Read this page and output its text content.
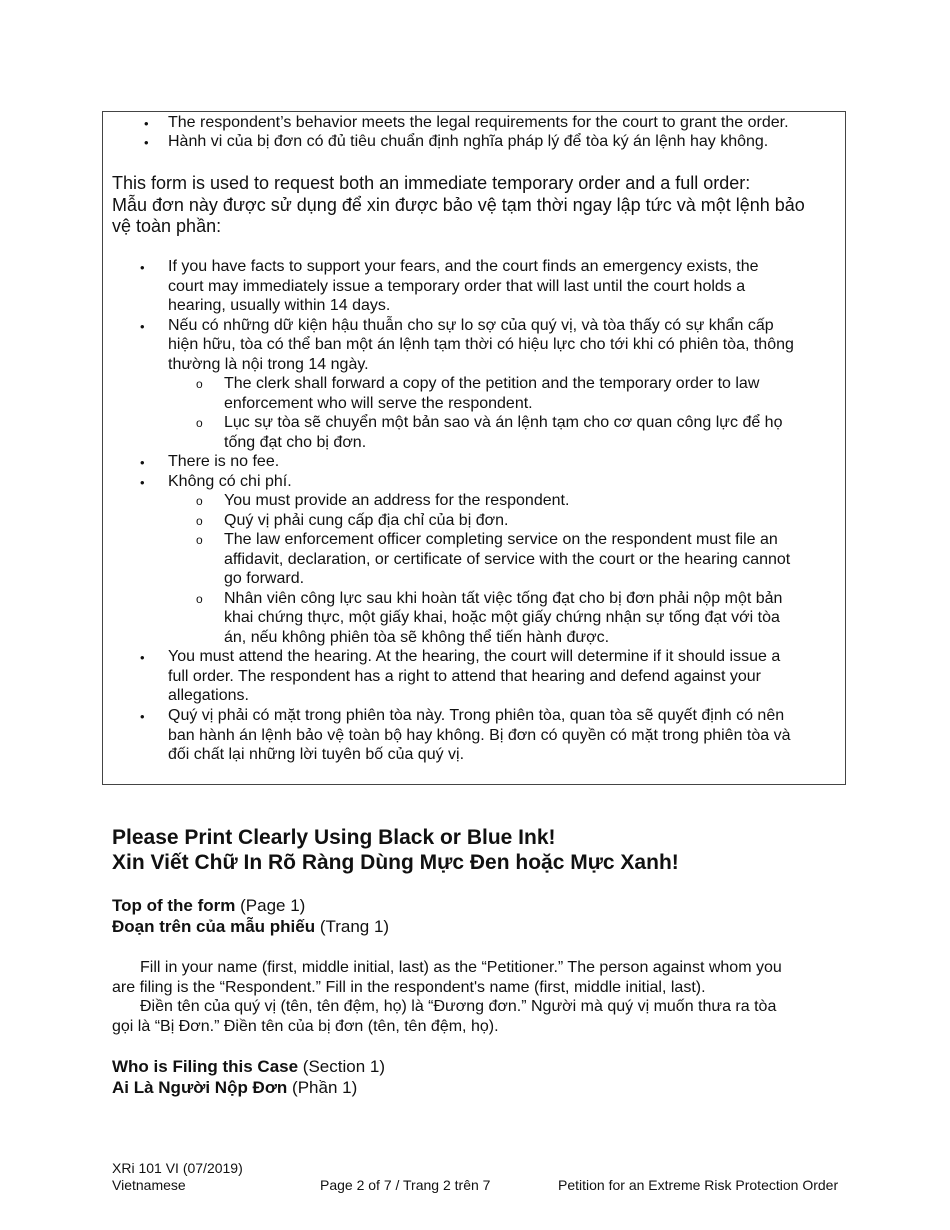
• The respondent’s behavior meets the legal requirements for the court to grant the order.
• Hành vi của bị đơn có đủ tiêu chuẩn định nghĩa pháp lý để tòa ký án lệnh hay không.
This form is used to request both an immediate temporary order and a full order:
Mẫu đơn này được sử dụng để xin được bảo vệ tạm thời ngay lập tức và một lệnh bảo
vệ toàn phần:
• If you have facts to support your fears, and the court finds an emergency exists, the
court may immediately issue a temporary order that will last until the court holds a
hearing, usually within 14 days.
• Nếu có những dữ kiện hậu thuẫn cho sự lo sợ của quý vị, và tòa thấy có sự khẩn cấp
hiện hữu, tòa có thể ban một án lệnh tạm thời có hiệu lực cho tới khi có phiên tòa, thông
thường là nội trong 14 ngày.
o The clerk shall forward a copy of the petition and the temporary order to law
enforcement who will serve the respondent.
o Lục sự tòa sẽ chuyển một bản sao và án lệnh tạm cho cơ quan công lực để họ
tống đạt cho bị đơn.
• There is no fee.
• Không có chi phí.
o You must provide an address for the respondent.
o Quý vị phải cung cấp địa chỉ của bị đơn.
o The law enforcement officer completing service on the respondent must file an
affidavit, declaration, or certificate of service with the court or the hearing cannot
go forward.
o Nhân viên công lực sau khi hoàn tất việc tống đạt cho bị đơn phải nộp một bản
khai chứng thực, một giấy khai, hoặc một giấy chứng nhận sự tống đạt với tòa
án, nếu không phiên tòa sẽ không thể tiến hành được.
• You must attend the hearing. At the hearing, the court will determine if it should issue a
full order. The respondent has a right to attend that hearing and defend against your
allegations.
• Quý vị phải có mặt trong phiên tòa này. Trong phiên tòa, quan tòa sẽ quyết định có nên
ban hành án lệnh bảo vệ toàn bộ hay không. Bị đơn có quyền có mặt trong phiên tòa và
đối chất lại những lời tuyên bố của quý vị.
Please Print Clearly Using Black or Blue Ink!
Xin Viết Chữ In Rõ Ràng Dùng Mực Đen hoặc Mực Xanh!
Top of the form (Page 1)
Đoạn trên của mẫu phiếu (Trang 1)
Fill in your name (first, middle initial, last) as the “Petitioner.” The person against whom you
are filing is the “Respondent.” Fill in the respondent's name (first, middle initial, last).
Điền tên của quý vị (tên, tên đệm, họ) là “Đương đơn.” Người mà quý vị muốn thưa ra tòa
gọi là “Bị Đơn.” Điền tên của bị đơn (tên, tên đệm, họ).
Who is Filing this Case (Section 1)
Ai Là Người Nộp Đơn (Phần 1)
XRi 101 VI (07/2019)
Vietnamese	Page 2 of 7 / Trang 2 trên 7	Petition for an Extreme Risk Protection Order
